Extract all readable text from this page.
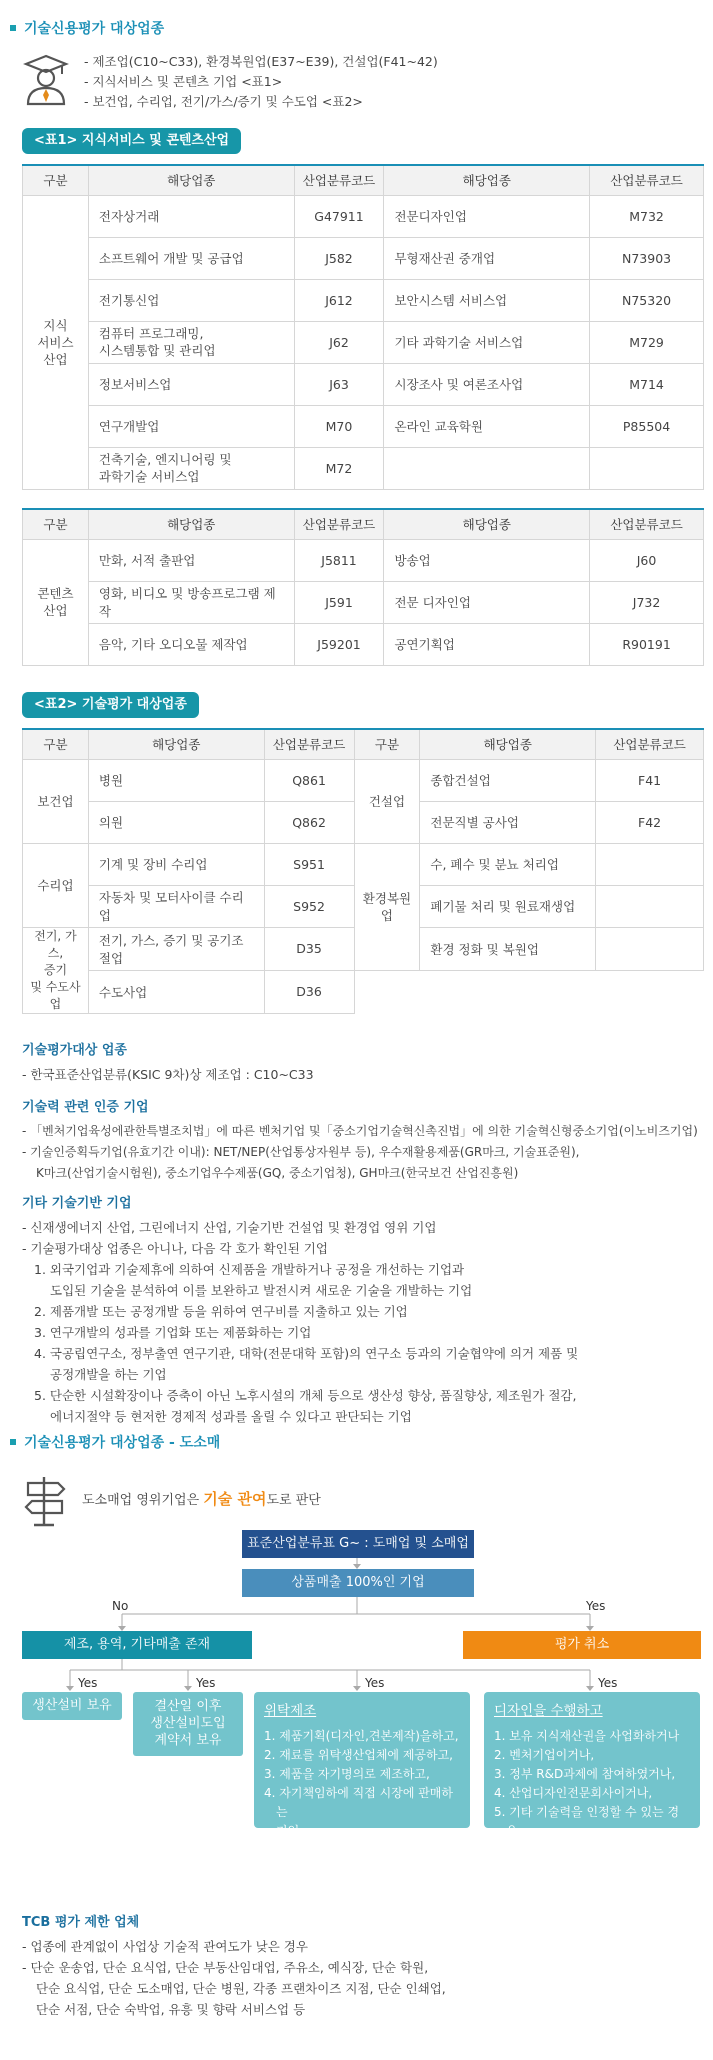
기술신용평가 대상업종
- 제조업(C10~C33), 환경복원업(E37~E39), 건설업(F41~42)
- 지식서비스 및 콘텐츠 기업 <표1>
- 보건업, 수리업, 전기/가스/증기 및 수도업 <표2>
<표1> 지식서비스 및 콘텐츠산업
구분	해당업종	산업분류코드	해당업종	산업분류코드
지식
서비스
산업	전자상거래	G47911	전문디자인업	M732
	소프트웨어 개발 및 공급업	J582	무형재산권 중개업	N73903
	전기통신업	J612	보안시스템 서비스업	N75320
	컴퓨터 프로그래밍,
시스템통합 및 관리업	J62	기타 과학기술 서비스업	M729
	정보서비스업	J63	시장조사 및 여론조사업	M714
	연구개발업	M70	온라인 교육학원	P85504
	건축기술, 엔지니어링 및
과학기술 서비스업	M72		
구분	해당업종	산업분류코드	해당업종	산업분류코드
콘텐츠
산업	만화, 서적 출판업	J5811	방송업	J60
	영화, 비디오 및 방송프로그램 제작	J591	전문 디자인업	J732
	음악, 기타 오디오물 제작업	J59201	공연기획업	R90191
<표2> 기술평가 대상업종
구분	해당업종	산업분류코드	구분	해당업종	산업분류코드
보건업	병원	Q861	건설업	종합건설업	F41
	의원	Q862		전문직별 공사업	F42
수리업	기계 및 장비 수리업	S951	환경복원업	수, 폐수 및 분뇨 처리업	
	자동차 및 모터사이클 수리업	S952		폐기물 처리 및 원료재생업	
전기, 가스,
증기
및 수도사업	전기, 가스, 증기 및 공기조절업	D35		환경 정화 및 복원업	
	수도사업	D36			
기술평가대상 업종
- 한국표준산업분류(KSIC 9차)상 제조업 : C10~C33
기술력 관련 인증 기업
- 「벤처기업육성에관한특별조치법」에 따른 벤처기업 및「중소기업기술혁신촉진법」에 의한 기술혁신형중소기업(이노비즈기업)
- 기술인증획득기업(유효기간 이내): NET/NEP(산업통상자원부 등), 우수재활용제품(GR마크, 기술표준원),
K마크(산업기술시험원), 중소기업우수제품(GQ, 중소기업청), GH마크(한국보건 산업진흥원)
기타 기술기반 기업
- 신재생에너지 산업, 그린에너지 산업, 기술기반 건설업 및 환경업 영위 기업
- 기술평가대상 업종은 아니나, 다음 각 호가 확인된 기업
1. 외국기업과 기술제휴에 의하여 신제품을 개발하거나 공정을 개선하는 기업과
도입된 기술을 분석하여 이를 보완하고 발전시켜 새로운 기술을 개발하는 기업
2. 제품개발 또는 공정개발 등을 위하여 연구비를 지출하고 있는 기업
3. 연구개발의 성과를 기업화 또는 제품화하는 기업
4. 국공립연구소, 정부출연 연구기관, 대학(전문대학 포함)의 연구소 등과의 기술협약에 의거 제품 및
공정개발을 하는 기업
5. 단순한 시설확장이나 증축이 아닌 노후시설의 개체 등으로 생산성 향상, 품질향상, 제조원가 절감,
에너지절약 등 현저한 경제적 성과를 올릴 수 있다고 판단되는 기업
기술신용평가 대상업종 - 도소매
도소매업 영위기업은 기술 관여도로 판단
표준산업분류표 G~ : 도매업 및 소매업
상품매출 100%인 기업
No	Yes
제조, 용역, 기타매출 존재	평가 취소
Yes	Yes	Yes	Yes
생산설비 보유	결산일 이후
생산설비도입
계약서 보유
위탁제조
1. 제품기획(디자인,견본제작)을하고,
2. 재료를 위탁생산업체에 제공하고,
3. 제품을 자기명의로 제조하고,
4. 자기책임하에 직접 시장에 판매하는
기업
디자인을 수행하고
1. 보유 지식재산권을 사업화하거나
2. 벤처기업이거나,
3. 정부 R&D과제에 참여하였거나,
4. 산업디자인전문회사이거나,
5. 기타 기술력을 인정할 수 있는 경우
TCB 평가 제한 업체
- 업종에 관계없이 사업상 기술적 관여도가 낮은 경우
- 단순 운송업, 단순 요식업, 단순 부동산임대업, 주유소, 예식장, 단순 학원,
단순 요식업, 단순 도소매업, 단순 병원, 각종 프랜차이즈 지점, 단순 인쇄업,
단순 서점, 단순 숙박업, 유흥 및 향락 서비스업 등
